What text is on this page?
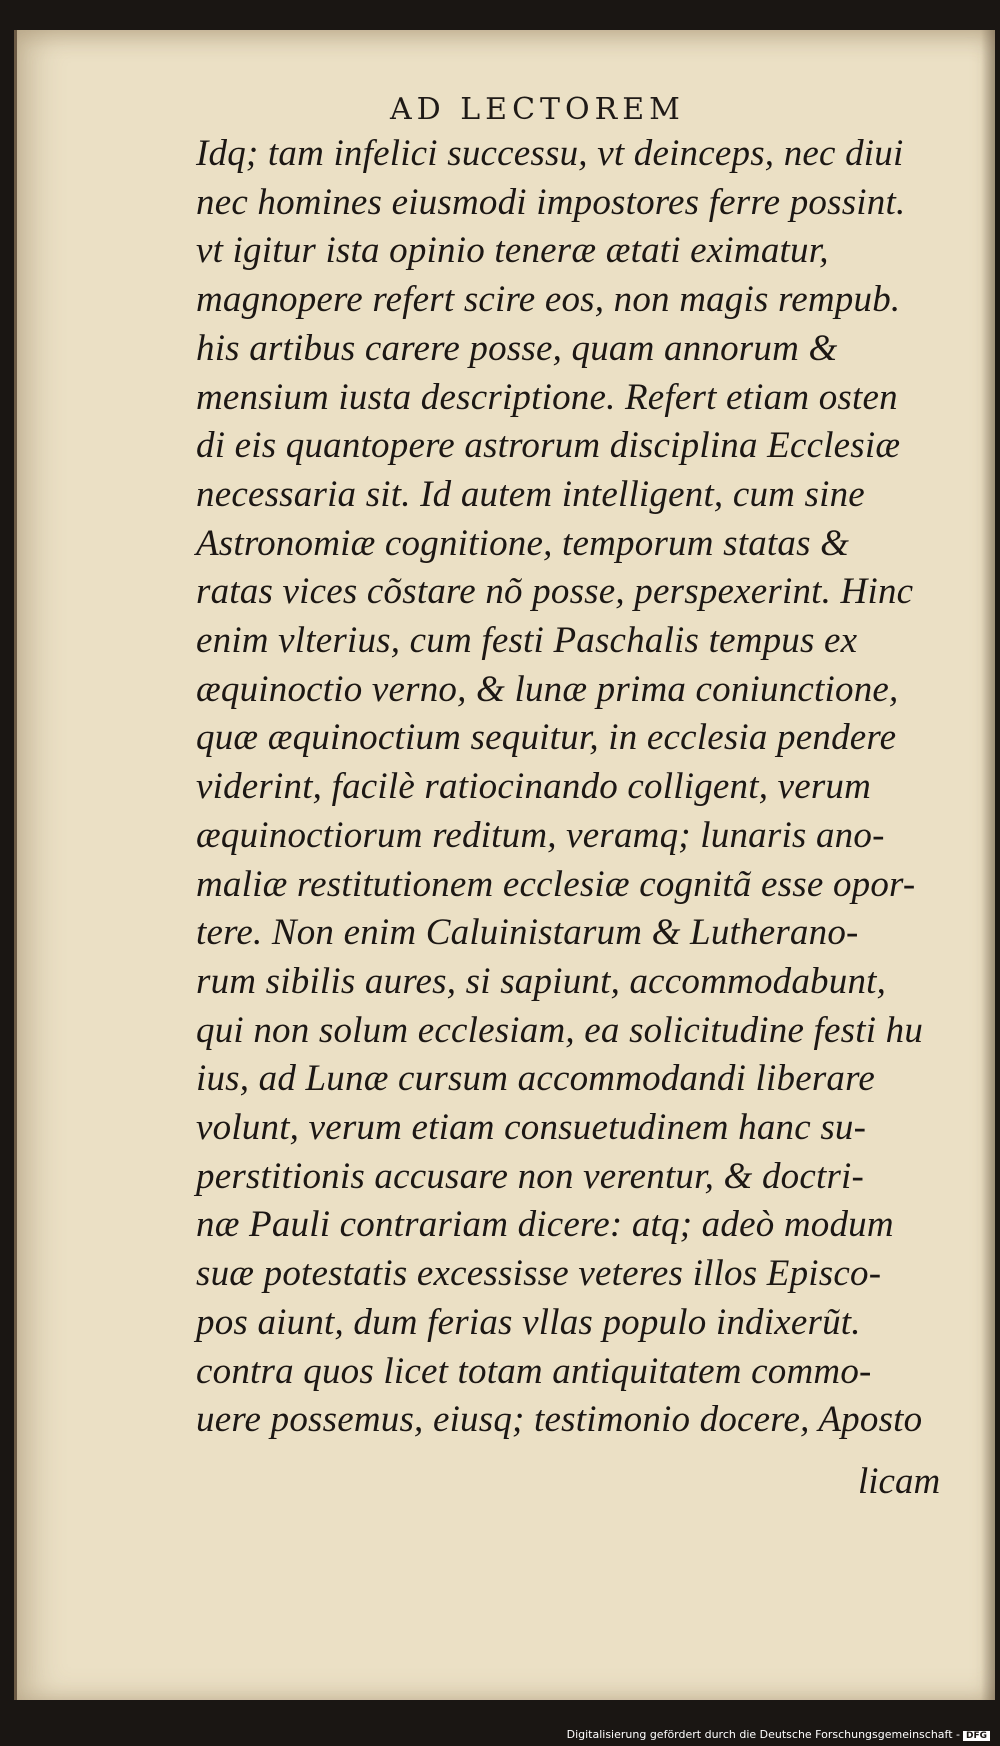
AD LECTOREM
Idq; tam infelici successu, vt deinceps, nec diui
nec homines eiusmodi impostores ferre possint.
vt igitur ista opinio teneræ ætati eximatur,
magnopere refert scire eos, non magis rempub.
his artibus carere posse, quam annorum &
mensium iusta descriptione. Refert etiam osten
di eis quantopere astrorum disciplina Ecclesiæ
necessaria sit. Id autem intelligent, cum sine
Astronomiæ cognitione, temporum statas &
ratas vices cõstare nõ posse, perspexerint. Hinc
enim vlterius, cum festi Paschalis tempus ex
æquinoctio verno, & lunæ prima coniunctione,
quæ æquinoctium sequitur, in ecclesia pendere
viderint, facilè ratiocinando colligent, verum
æquinoctiorum reditum, veramq; lunaris ano-
maliæ restitutionem ecclesiæ cognitã esse opor-
tere. Non enim Caluinistarum & Lutherano-
rum sibilis aures, si sapiunt, accommodabunt,
qui non solum ecclesiam, ea solicitudine festi hu
ius, ad Lunæ cursum accommodandi liberare
volunt, verum etiam consuetudinem hanc su-
perstitionis accusare non verentur, & doctri-
næ Pauli contrariam dicere: atq; adeò modum
suæ potestatis excessisse veteres illos Episco-
pos aiunt, dum ferias vllas populo indixerũt.
contra quos licet totam antiquitatem commo-
uere possemus, eiusq; testimonio docere, Aposto
licam
Digitalisierung gefördert durch die Deutsche Forschungsgemeinschaft - DFG
